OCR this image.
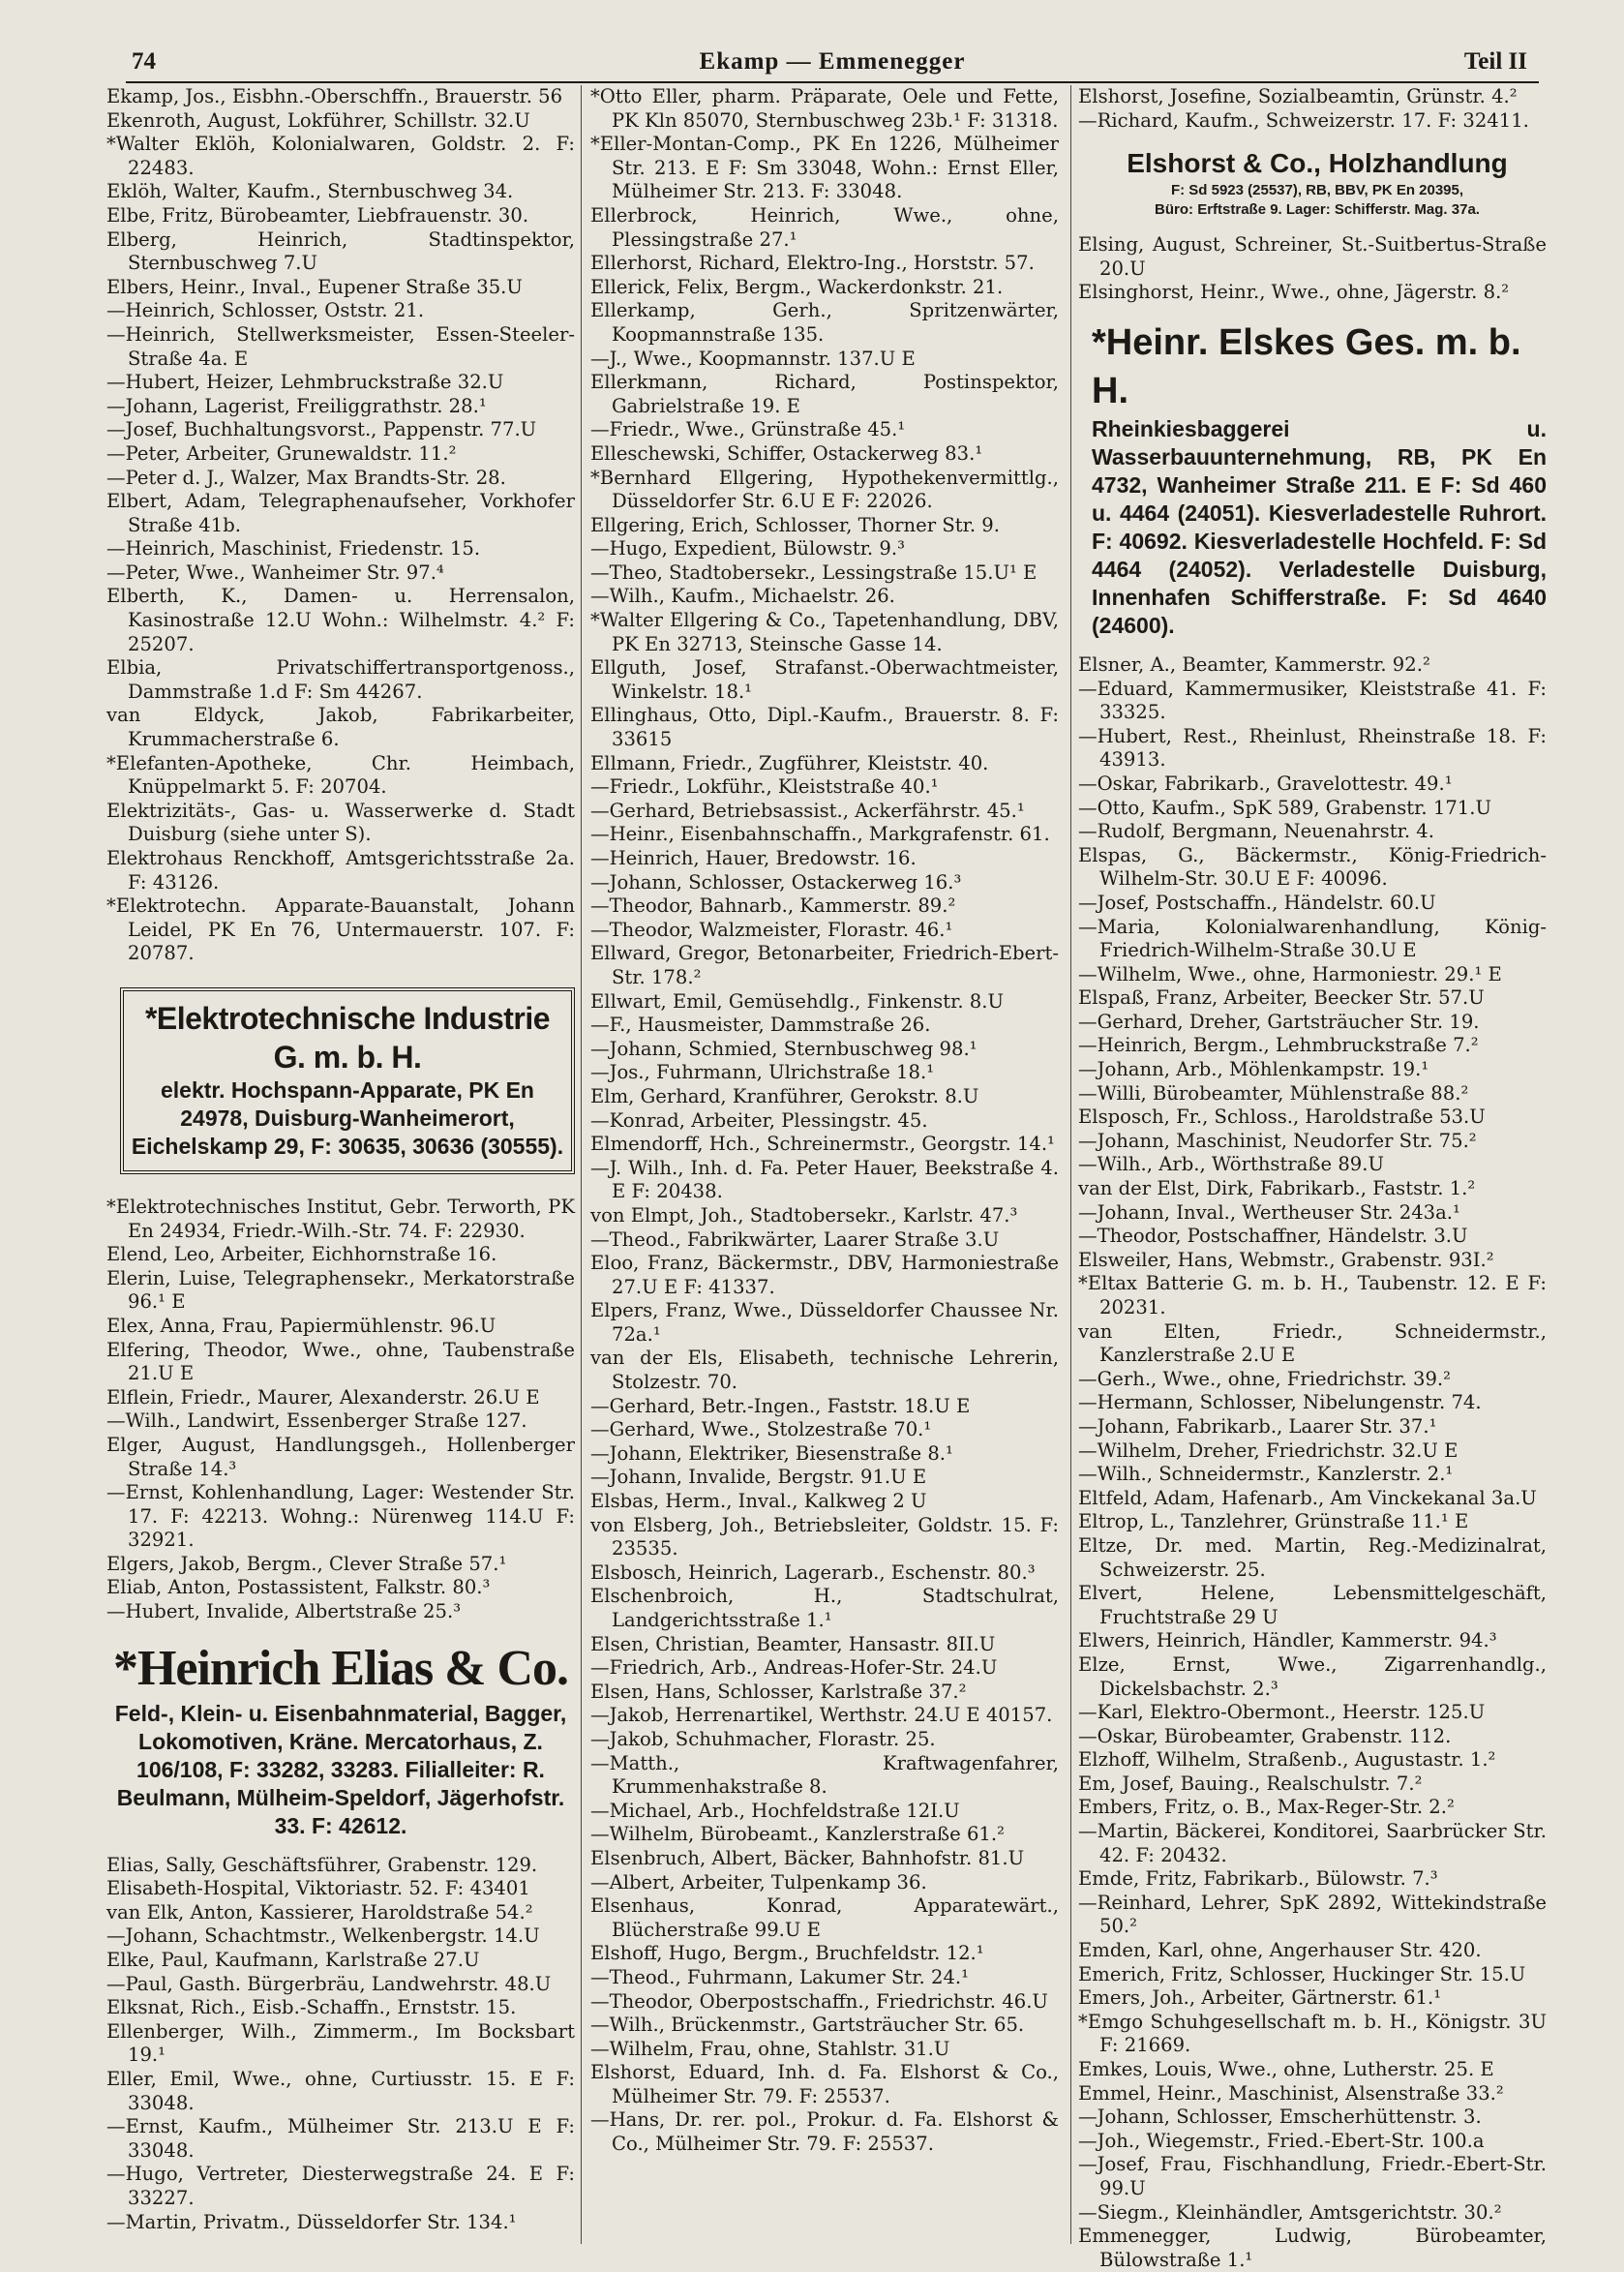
74	Ekamp — Emmenegger	Teil II
Ekamp, Jos., Eisbhn.-Oberschffn., Brauerstr. 56
Ekenroth, August, Lokführer, Schillstr. 32.U
*Walter Eklöh, Kolonialwaren, Goldstr. 2. F: 22483.
Eklöh, Walter, Kaufm., Sternbuschweg 34.
Elbe, Fritz, Bürobeamter, Liebfrauenstr. 30.
Elberg, Heinrich, Stadtinspektor, Sternbuschweg 7.U
Elbers, Heinr., Inval., Eupener Straße 35.U
—Heinrich, Schlosser, Oststr. 21.
—Heinrich, Stellwerksmeister, Essen-Steeler-Straße 4a. E
—Hubert, Heizer, Lehmbruckstraße 32.U
—Johann, Lagerist, Freiliggrathstr. 28.¹
—Josef, Buchhaltungsvorst., Pappenstr. 77.U
—Peter, Arbeiter, Grunewaldstr. 11.²
—Peter d. J., Walzer, Max Brandts-Str. 28.
Elbert, Adam, Telegraphenaufseher, Vorkhofer Straße 41b.
—Heinrich, Maschinist, Friedenstr. 15.
—Peter, Wwe., Wanheimer Str. 97.⁴
Elberth, K., Damen- u. Herrensalon, Kasinostraße 12.U Wohn.: Wilhelmstr. 4.² F: 25207.
Elbia, Privatschiffertransportgenoss., Dammstraße 1.d F: Sm 44267.
van Eldyck, Jakob, Fabrikarbeiter, Krummacherstraße 6.
*Elefanten-Apotheke, Chr. Heimbach, Knüppelmarkt 5. F: 20704.
Elektrizitäts-, Gas- u. Wasserwerke d. Stadt Duisburg (siehe unter S).
Elektrohaus Renckhoff, Amtsgerichtsstraße 2a. F: 43126.
*Elektrotechn. Apparate-Bauanstalt, Johann Leidel, PK En 76, Untermauerstr. 107. F: 20787.
*Elektrotechnische Industrie G. m. b. H.
elektr. Hochspann-Apparate, PK En 24978, Duisburg-Wanheimerort, Eichelskamp 29, F: 30635, 30636 (30555).
*Elektrotechnisches Institut, Gebr. Terworth, PK En 24934, Friedr.-Wilh.-Str. 74. F: 22930.
Elend, Leo, Arbeiter, Eichhornstraße 16.
Elerin, Luise, Telegraphensekr., Merkatorstraße 96.¹ E
Elex, Anna, Frau, Papiermühlenstr. 96.U
Elfering, Theodor, Wwe., ohne, Taubenstraße 21.U E
Elflein, Friedr., Maurer, Alexanderstr. 26.U E
—Wilh., Landwirt, Essenberger Straße 127.
Elger, August, Handlungsgeh., Hollenberger Straße 14.³
—Ernst, Kohlenhandlung, Lager: Westender Str. 17. F: 42213. Wohng.: Nürenweg 114.U F: 32921.
Elgers, Jakob, Bergm., Clever Straße 57.¹
Eliab, Anton, Postassistent, Falkstr. 80.³
—Hubert, Invalide, Albertstraße 25.³
*Heinrich Elias & Co.
Feld-, Klein- u. Eisenbahnmaterial, Bagger, Lokomotiven, Kräne. Mercatorhaus, Z. 106/108, F: 33282, 33283. Filialleiter: R. Beulmann, Mülheim-Speldorf, Jägerhofstr. 33. F: 42612.
Elias, Sally, Geschäftsführer, Grabenstr. 129.
Elisabeth-Hospital, Viktoriastr. 52. F: 43401
van Elk, Anton, Kassierer, Haroldstraße 54.²
—Johann, Schachtmstr., Welkenbergstr. 14.U
Elke, Paul, Kaufmann, Karlstraße 27.U
—Paul, Gasth. Bürgerbräu, Landwehrstr. 48.U
Elksnat, Rich., Eisb.-Schaffn., Ernststr. 15.
Ellenberger, Wilh., Zimmerm., Im Bocksbart 19.¹
Eller, Emil, Wwe., ohne, Curtiusstr. 15. E F: 33048.
—Ernst, Kaufm., Mülheimer Str. 213.U E F: 33048.
—Hugo, Vertreter, Diesterwegstraße 24. E F: 33227.
—Martin, Privatm., Düsseldorfer Str. 134.¹
*Otto Eller, pharm. Präparate, Oele und Fette, PK Kln 85070, Sternbuschweg 23b.¹ F: 31318.
*Eller-Montan-Comp., PK En 1226, Mülheimer Str. 213. E F: Sm 33048, Wohn.: Ernst Eller, Mülheimer Str. 213. F: 33048.
Ellerbrock, Heinrich, Wwe., ohne, Plessingstraße 27.¹
Ellerhorst, Richard, Elektro-Ing., Horststr. 57.
Ellerick, Felix, Bergm., Wackerdonkstr. 21.
Ellerkamp, Gerh., Spritzenwärter, Koopmannstraße 135.
—J., Wwe., Koopmannstr. 137.U E
Ellerkmann, Richard, Postinspektor, Gabrielstraße 19. E
—Friedr., Wwe., Grünstraße 45.¹
Elleschewski, Schiffer, Ostackerweg 83.¹
*Bernhard Ellgering, Hypothekenvermittlg., Düsseldorfer Str. 6.U E F: 22026.
Ellgering, Erich, Schlosser, Thorner Str. 9.
—Hugo, Expedient, Bülowstr. 9.³
—Theo, Stadtobersekr., Lessingstraße 15.U¹ E
—Wilh., Kaufm., Michaelstr. 26.
*Walter Ellgering & Co., Tapetenhandlung, DBV, PK En 32713, Steinsche Gasse 14.
Ellguth, Josef, Strafanst.-Oberwachtmeister, Winkelstr. 18.¹
Ellinghaus, Otto, Dipl.-Kaufm., Brauerstr. 8. F: 33615
Ellmann, Friedr., Zugführer, Kleiststr. 40.
—Friedr., Lokführ., Kleiststraße 40.¹
—Gerhard, Betriebsassist., Ackerfährstr. 45.¹
—Heinr., Eisenbahnschaffn., Markgrafenstr. 61.
—Heinrich, Hauer, Bredowstr. 16.
—Johann, Schlosser, Ostackerweg 16.³
—Theodor, Bahnarb., Kammerstr. 89.²
—Theodor, Walzmeister, Florastr. 46.¹
Ellward, Gregor, Betonarbeiter, Friedrich-Ebert-Str. 178.²
Ellwart, Emil, Gemüsehdlg., Finkenstr. 8.U
—F., Hausmeister, Dammstraße 26.
—Johann, Schmied, Sternbuschweg 98.¹
—Jos., Fuhrmann, Ulrichstraße 18.¹
Elm, Gerhard, Kranführer, Gerokstr. 8.U
—Konrad, Arbeiter, Plessingstr. 45.
Elmendorff, Hch., Schreinermstr., Georgstr. 14.¹
—J. Wilh., Inh. d. Fa. Peter Hauer, Beekstraße 4. E F: 20438.
von Elmpt, Joh., Stadtobersekr., Karlstr. 47.³
—Theod., Fabrikwärter, Laarer Straße 3.U
Eloo, Franz, Bäckermstr., DBV, Harmoniestraße 27.U E F: 41337.
Elpers, Franz, Wwe., Düsseldorfer Chaussee Nr. 72a.¹
van der Els, Elisabeth, technische Lehrerin, Stolzestr. 70.
—Gerhard, Betr.-Ingen., Faststr. 18.U E
—Gerhard, Wwe., Stolzestraße 70.¹
—Johann, Elektriker, Biesenstraße 8.¹
—Johann, Invalide, Bergstr. 91.U E
Elsbas, Herm., Inval., Kalkweg 2 U
von Elsberg, Joh., Betriebsleiter, Goldstr. 15. F: 23535.
Elsbosch, Heinrich, Lagerarb., Eschenstr. 80.³
Elschenbroich, H., Stadtschulrat, Landgerichtsstraße 1.¹
Elsen, Christian, Beamter, Hansastr. 8II.U
—Friedrich, Arb., Andreas-Hofer-Str. 24.U
Elsen, Hans, Schlosser, Karlstraße 37.²
—Jakob, Herrenartikel, Werthstr. 24.U E 40157.
—Jakob, Schuhmacher, Florastr. 25.
—Matth., Kraftwagenfahrer, Krummenhakstraße 8.
—Michael, Arb., Hochfeldstraße 12I.U
—Wilhelm, Bürobeamt., Kanzlerstraße 61.²
Elsenbruch, Albert, Bäcker, Bahnhofstr. 81.U
—Albert, Arbeiter, Tulpenkamp 36.
Elsenhaus, Konrad, Apparatewärt., Blücherstraße 99.U E
Elshoff, Hugo, Bergm., Bruchfeldstr. 12.¹
—Theod., Fuhrmann, Lakumer Str. 24.¹
—Theodor, Oberpostschaffn., Friedrichstr. 46.U
—Wilh., Brückenmstr., Gartsträucher Str. 65.
—Wilhelm, Frau, ohne, Stahlstr. 31.U
Elshorst, Eduard, Inh. d. Fa. Elshorst & Co., Mülheimer Str. 79. F: 25537.
—Hans, Dr. rer. pol., Prokur. d. Fa. Elshorst & Co., Mülheimer Str. 79. F: 25537.
Elshorst, Josefine, Sozialbeamtin, Grünstr. 4.²
—Richard, Kaufm., Schweizerstr. 17. F: 32411.
Elshorst & Co., Holzhandlung
F: Sd 5923 (25537), RB, BBV, PK En 20395,
Büro: Erftstraße 9. Lager: Schifferstr. Mag. 37a.
Elsing, August, Schreiner, St.-Suitbertus-Straße 20.U
Elsinghorst, Heinr., Wwe., ohne, Jägerstr. 8.²
*Heinr. Elskes Ges. m. b. H.
Rheinkiesbaggerei u. Wasserbauunternehmung, RB, PK En 4732, Wanheimer Straße 211. E F: Sd 460 u. 4464 (24051). Kiesverladestelle Ruhrort. F: 40692. Kiesverladestelle Hochfeld. F: Sd 4464 (24052). Verladestelle Duisburg, Innenhafen Schifferstraße. F: Sd 4640 (24600).
Elsner, A., Beamter, Kammerstr. 92.²
—Eduard, Kammermusiker, Kleiststraße 41. F: 33325.
—Hubert, Rest., Rheinlust, Rheinstraße 18. F: 43913.
—Oskar, Fabrikarb., Gravelottestr. 49.¹
—Otto, Kaufm., SpK 589, Grabenstr. 171.U
—Rudolf, Bergmann, Neuenahrstr. 4.
Elspas, G., Bäckermstr., König-Friedrich-Wilhelm-Str. 30.U E F: 40096.
—Josef, Postschaffn., Händelstr. 60.U
—Maria, Kolonialwarenhandlung, König-Friedrich-Wilhelm-Straße 30.U E
—Wilhelm, Wwe., ohne, Harmoniestr. 29.¹ E
Elspaß, Franz, Arbeiter, Beecker Str. 57.U
—Gerhard, Dreher, Gartsträucher Str. 19.
—Heinrich, Bergm., Lehmbruckstraße 7.²
—Johann, Arb., Möhlenkampstr. 19.¹
—Willi, Bürobeamter, Mühlenstraße 88.²
Elsposch, Fr., Schloss., Haroldstraße 53.U
—Johann, Maschinist, Neudorfer Str. 75.²
—Wilh., Arb., Wörthstraße 89.U
van der Elst, Dirk, Fabrikarb., Faststr. 1.²
—Johann, Inval., Wertheuser Str. 243a.¹
—Theodor, Postschaffner, Händelstr. 3.U
Elsweiler, Hans, Webmstr., Grabenstr. 93I.²
*Eltax Batterie G. m. b. H., Taubenstr. 12. E F: 20231.
van Elten, Friedr., Schneidermstr., Kanzlerstraße 2.U E
—Gerh., Wwe., ohne, Friedrichstr. 39.²
—Hermann, Schlosser, Nibelungenstr. 74.
—Johann, Fabrikarb., Laarer Str. 37.¹
—Wilhelm, Dreher, Friedrichstr. 32.U E
—Wilh., Schneidermstr., Kanzlerstr. 2.¹
Eltfeld, Adam, Hafenarb., Am Vinckekanal 3a.U
Eltrop, L., Tanzlehrer, Grünstraße 11.¹ E
Eltze, Dr. med. Martin, Reg.-Medizinalrat, Schweizerstr. 25.
Elvert, Helene, Lebensmittelgeschäft, Fruchtstraße 29 U
Elwers, Heinrich, Händler, Kammerstr. 94.³
Elze, Ernst, Wwe., Zigarrenhandlg., Dickelsbachstr. 2.³
—Karl, Elektro-Obermont., Heerstr. 125.U
—Oskar, Bürobeamter, Grabenstr. 112.
Elzhoff, Wilhelm, Straßenb., Augustastr. 1.²
Em, Josef, Bauing., Realschulstr. 7.²
Embers, Fritz, o. B., Max-Reger-Str. 2.²
—Martin, Bäckerei, Konditorei, Saarbrücker Str. 42. F: 20432.
Emde, Fritz, Fabrikarb., Bülowstr. 7.³
—Reinhard, Lehrer, SpK 2892, Wittekindstraße 50.²
Emden, Karl, ohne, Angerhauser Str. 420.
Emerich, Fritz, Schlosser, Huckinger Str. 15.U
Emers, Joh., Arbeiter, Gärtnerstr. 61.¹
*Emgo Schuhgesellschaft m. b. H., Königstr. 3U F: 21669.
Emkes, Louis, Wwe., ohne, Lutherstr. 25. E
Emmel, Heinr., Maschinist, Alsenstraße 33.²
—Johann, Schlosser, Emscherhüttenstr. 3.
—Joh., Wiegemstr., Fried.-Ebert-Str. 100.a
—Josef, Frau, Fischhandlung, Friedr.-Ebert-Str. 99.U
—Siegm., Kleinhändler, Amtsgerichtstr. 30.²
Emmenegger, Ludwig, Bürobeamter, Bülowstraße 1.¹
